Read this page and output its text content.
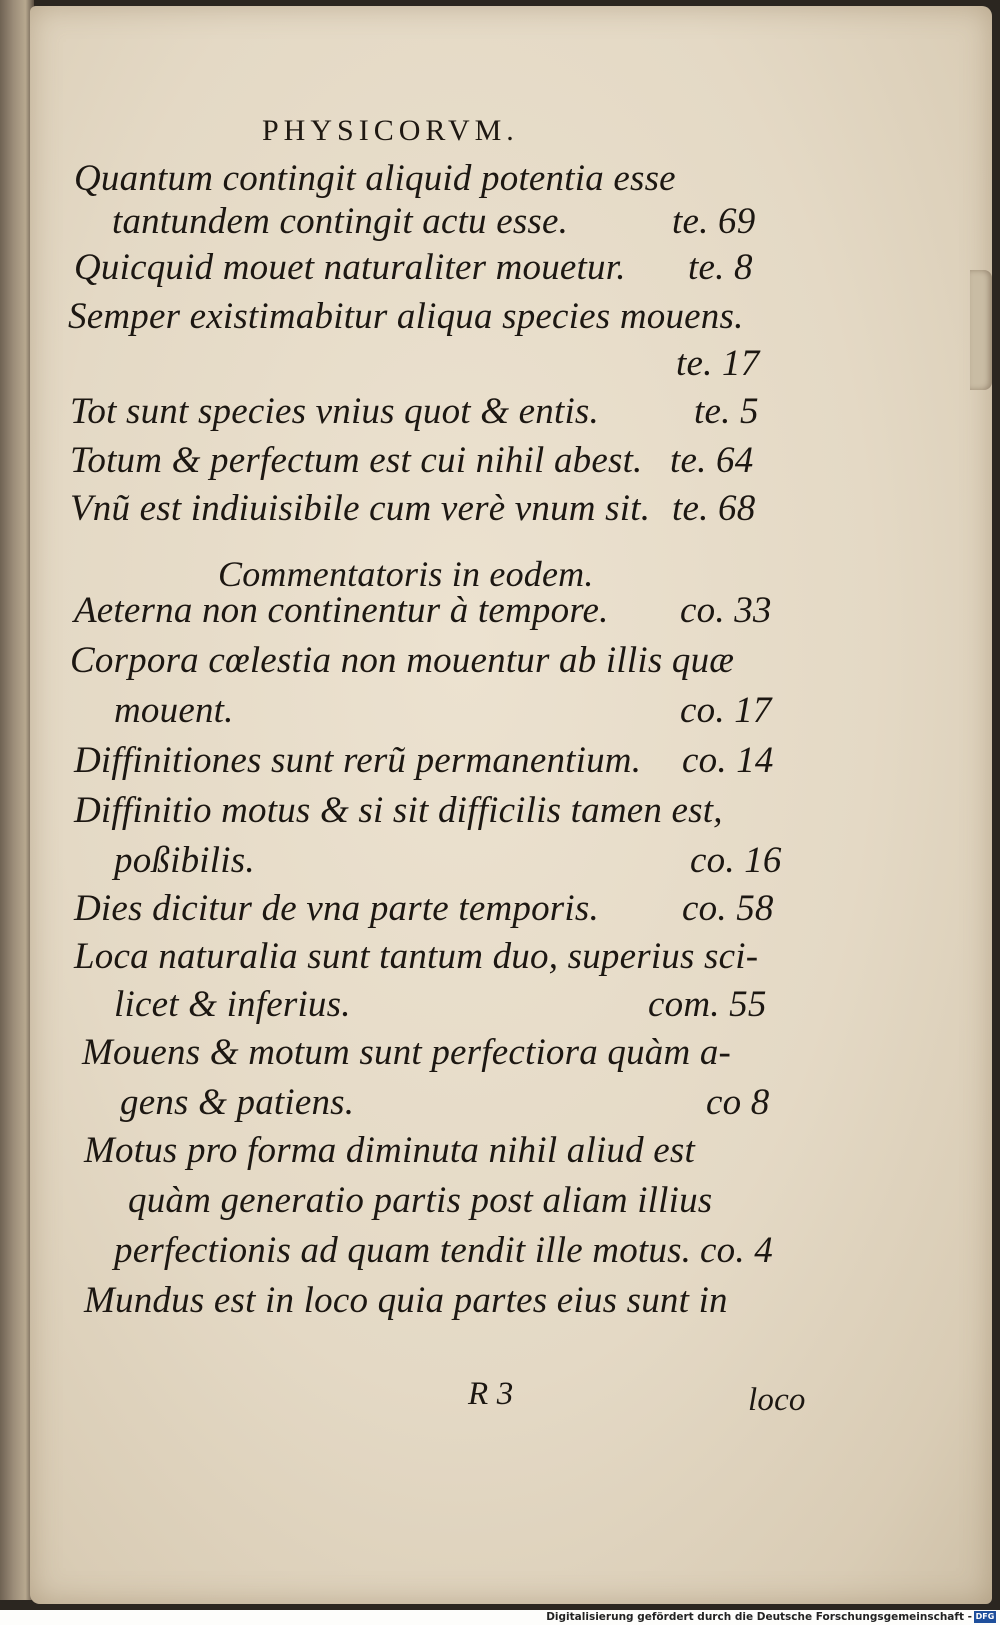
PHYSICORVM.
Quantum contingit aliquid potentia esse
tantundem contingit actu esse.	te. 69
Quicquid mouet naturaliter mouetur. te. 8
Semper existimabitur aliqua species mouens.
te. 17
Tot sunt species vnius quot & entis.	te. 5
Totum & perfectum est cui nihil abest. te. 64
Vnũ est indiuisibile cum verè vnum sit. te. 68
Commentatoris in eodem.
Aeterna non continentur à tempore. co. 33
Corpora cœlestia non mouentur ab illis quæ
mouent.	co. 17
Diffinitiones sunt rerũ permanentium. co. 14
Diffinitio motus & si sit difficilis tamen est,
poßibilis.	co. 16
Dies dicitur de vna parte temporis. co. 58
Loca naturalia sunt tantum duo, superius sci-
licet & inferius.	com. 55
Mouens & motum sunt perfectiora quàm a-
gens & patiens.	co 8
Motus pro forma diminuta nihil aliud est
quàm generatio partis post aliam illius
perfectionis ad quam tendit ille motus. co. 4
Mundus est in loco quia partes eius sunt in
R 3	loco
Digitalisierung gefördert durch die Deutsche Forschungsgemeinschaft - DFG
